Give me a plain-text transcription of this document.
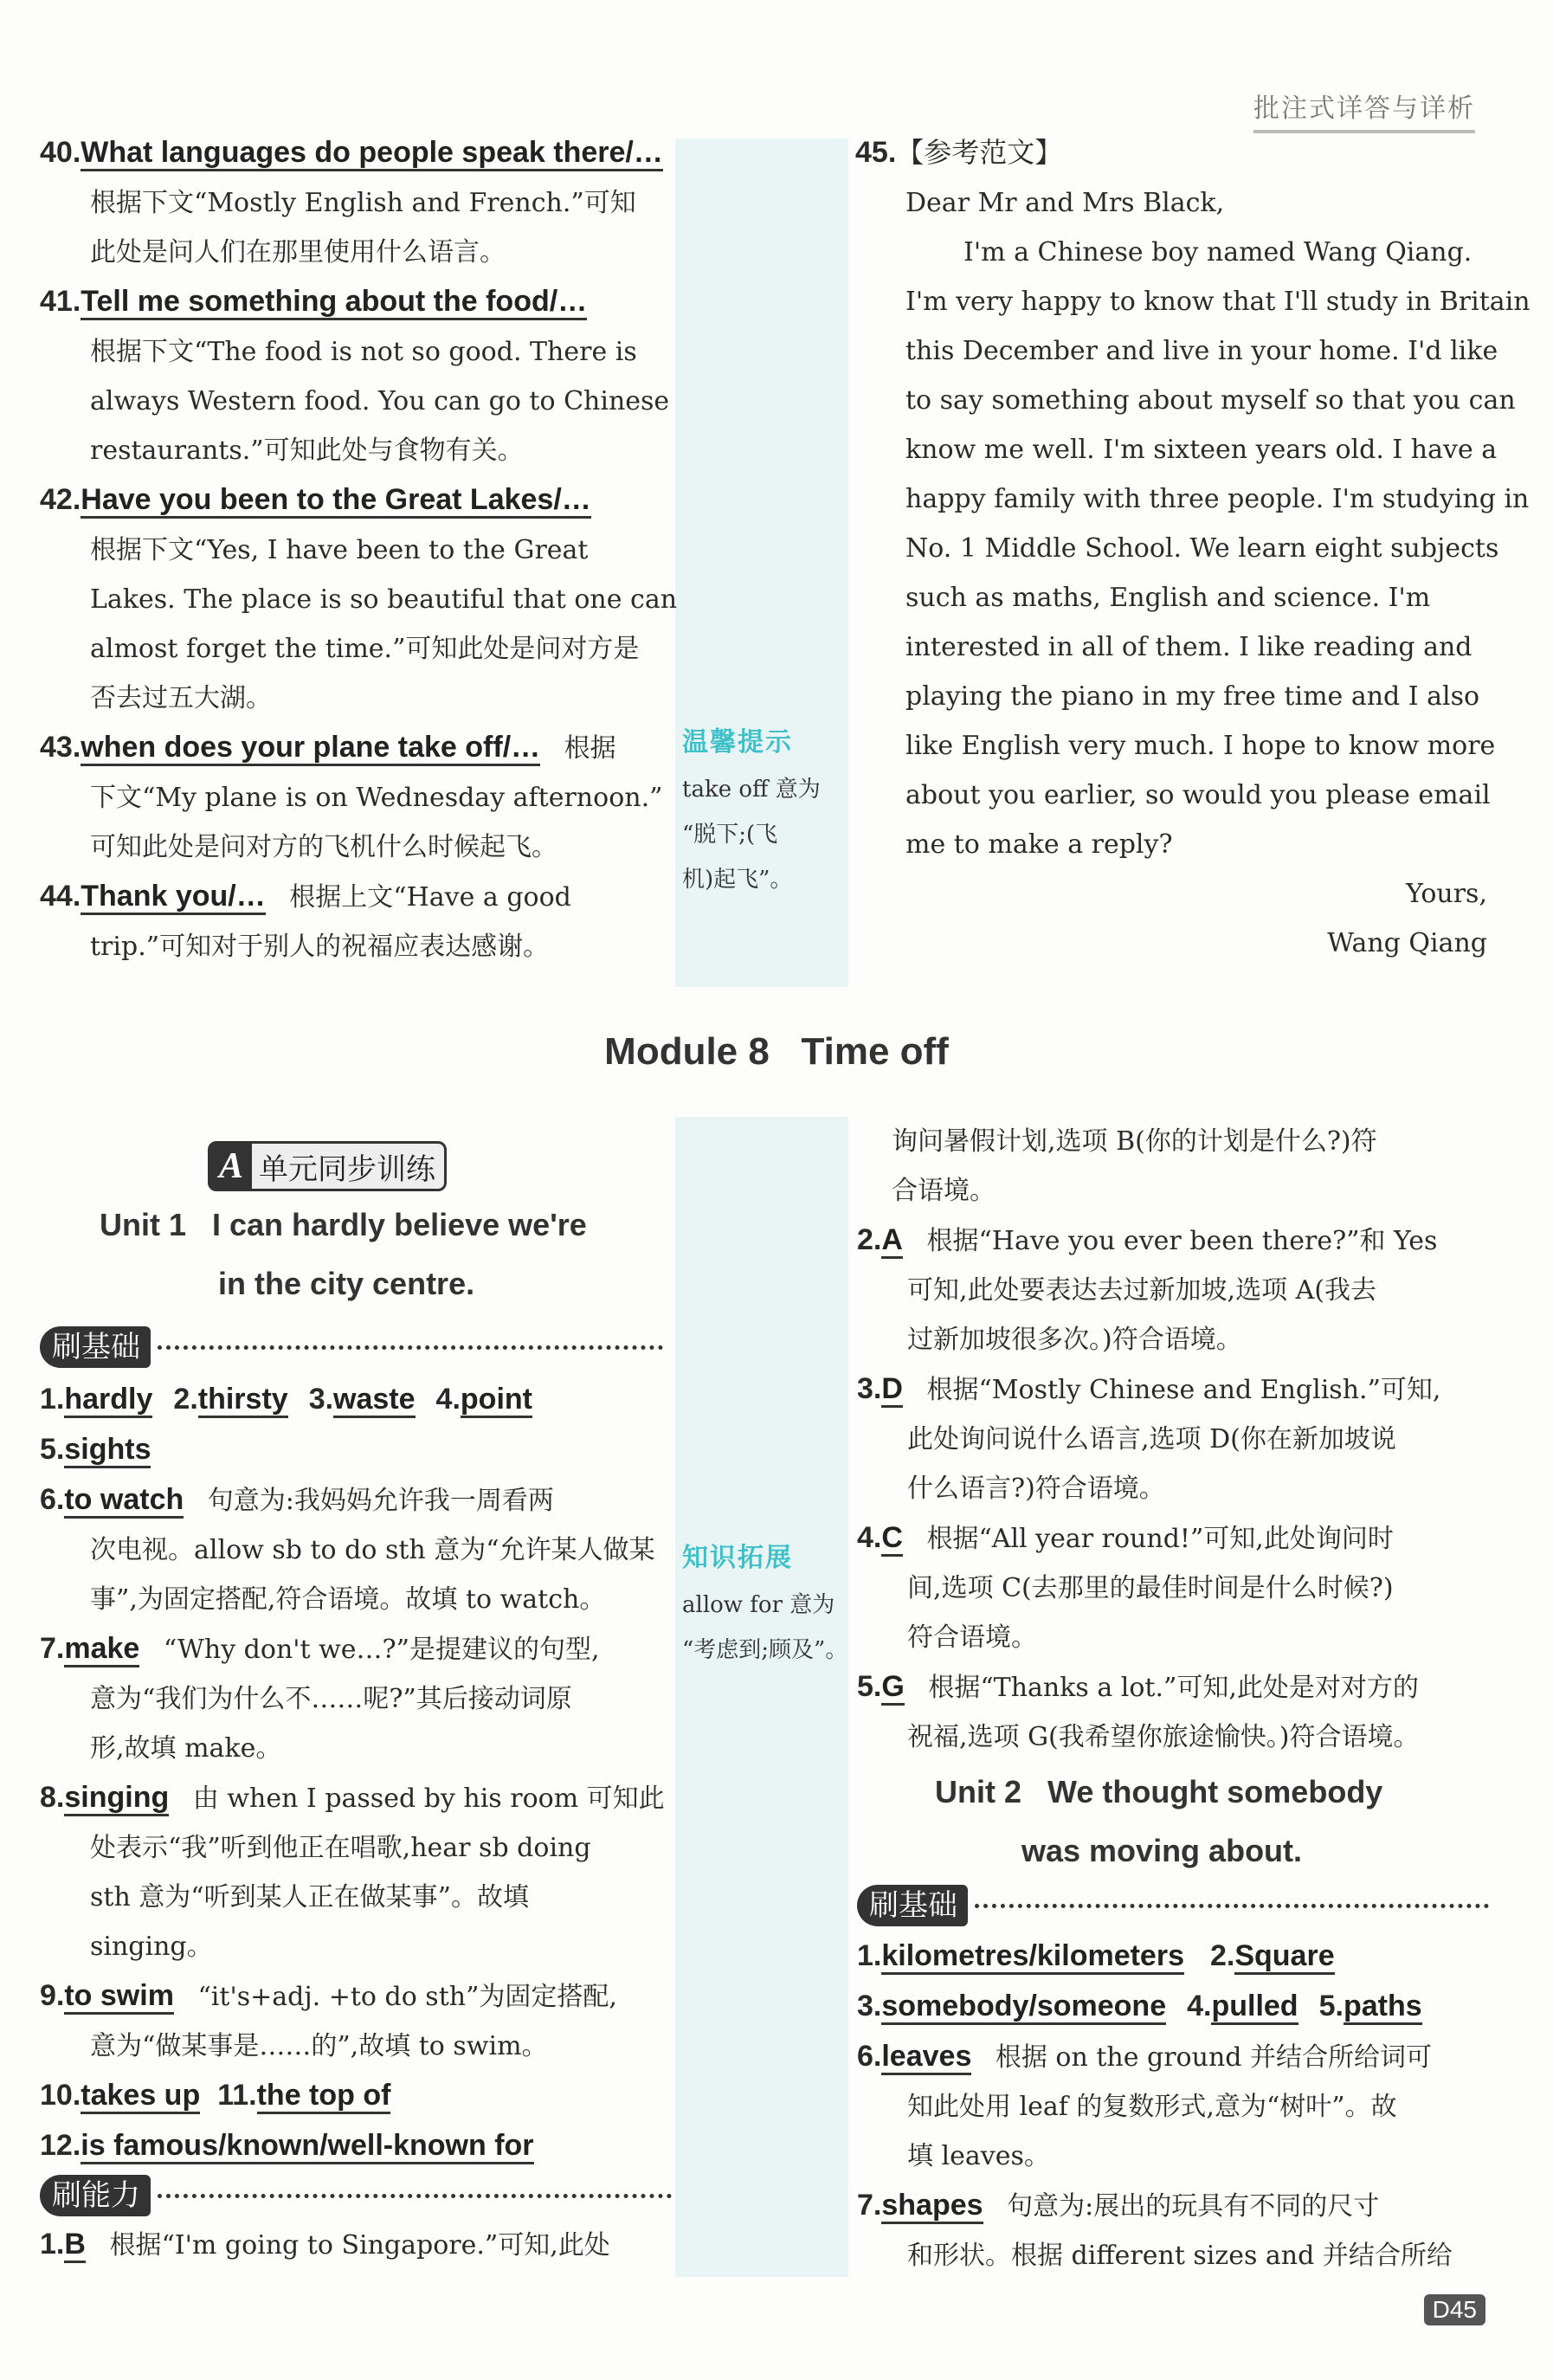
批注式详答与详析
40.What languages do people speak there/…
根据下文“Mostly English and French.”可知
此处是问人们在那里使用什么语言。
41.Tell me something about the food/…
根据下文“The food is not so good. There is
always Western food. You can go to Chinese
restaurants.”可知此处与食物有关。
42.Have you been to the Great Lakes/…
根据下文“Yes, I have been to the Great
Lakes. The place is so beautiful that one can
almost forget the time.”可知此处是问对方是
否去过五大湖。
43.when does your plane take off/… 根据
下文“My plane is on Wednesday afternoon.”
可知此处是问对方的飞机什么时候起飞。
44.Thank you/… 根据上文“Have a good
trip.”可知对于别人的祝福应表达感谢。
温馨提示
take off 意为
“脱下;(飞
机)起飞”。
45.【参考范文】
Dear Mr and Mrs Black,
I'm a Chinese boy named Wang Qiang.
I'm very happy to know that I'll study in Britain
this December and live in your home. I'd like
to say something about myself so that you can
know me well. I'm sixteen years old. I have a
happy family with three people. I'm studying in
No. 1 Middle School. We learn eight subjects
such as maths, English and science. I'm
interested in all of them. I like reading and
playing the piano in my free time and I also
like English very much. I hope to know more
about you earlier, so would you please email
me to make a reply?
Yours,
Wang Qiang
Module 8   Time off
A 单元同步训练
Unit 1   I can hardly believe we're
in the city centre.
刷基础
1.hardly 2.thirsty 3.waste 4.point
5.sights
6.to watch 句意为:我妈妈允许我一周看两
次电视。allow sb to do sth 意为“允许某人做某
事”,为固定搭配,符合语境。故填 to watch。
7.make “Why don't we…?”是提建议的句型,
意为“我们为什么不……呢?”其后接动词原
形,故填 make。
8.singing 由 when I passed by his room 可知此
处表示“我”听到他正在唱歌,hear sb doing
sth 意为“听到某人正在做某事”。故填
singing。
9.to swim “it's+adj. +to do sth”为固定搭配,
意为“做某事是……的”,故填 to swim。
10.takes up 11.the top of
12.is famous/known/well-known for
刷能力
1.B 根据“I'm going to Singapore.”可知,此处
知识拓展
allow for 意为
“考虑到;顾及”。
询问暑假计划,选项 B(你的计划是什么?)符
合语境。
2.A 根据“Have you ever been there?”和 Yes
可知,此处要表达去过新加坡,选项 A(我去
过新加坡很多次。)符合语境。
3.D 根据“Mostly Chinese and English.”可知,
此处询问说什么语言,选项 D(你在新加坡说
什么语言?)符合语境。
4.C 根据“All year round!”可知,此处询问时
间,选项 C(去那里的最佳时间是什么时候?)
符合语境。
5.G 根据“Thanks a lot.”可知,此处是对对方的
祝福,选项 G(我希望你旅途愉快。)符合语境。
Unit 2   We thought somebody
was moving about.
刷基础
1.kilometres/kilometers 2.Square
3.somebody/someone 4.pulled 5.paths
6.leaves 根据 on the ground 并结合所给词可
知此处用 leaf 的复数形式,意为“树叶”。故
填 leaves。
7.shapes 句意为:展出的玩具有不同的尺寸
和形状。根据 different sizes and 并结合所给
D45
